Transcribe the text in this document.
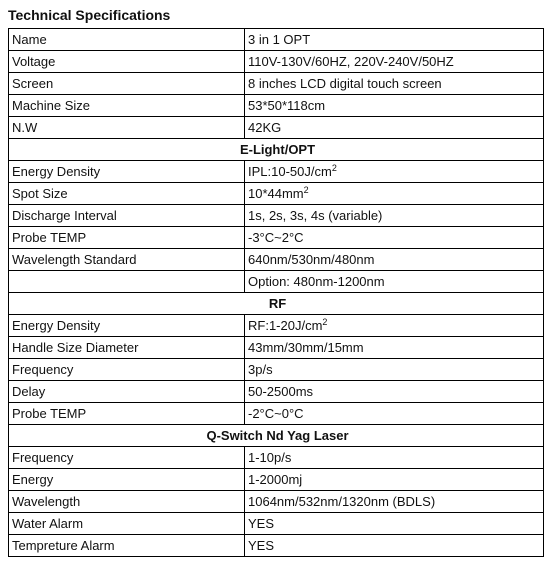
Technical Specifications
Name	3 in 1 OPT
Voltage	110V-130V/60HZ, 220V-240V/50HZ
Screen	8 inches LCD digital touch screen
Machine Size	53*50*118cm
N.W	42KG
E-Light/OPT	
Energy Density	$IPL:10-50J/cm^2$
Spot Size	$10*44mm^2$
Discharge Interval	1s, 2s, 3s, 4s (variable)
Probe TEMP	-3°C~2°C
Wavelength Standard	640nm/530nm/480nm
	Option: 480nm-1200nm
RF	
Energy Density	$RF:1-20J/cm^2$
Handle Size Diameter	43mm/30mm/15mm
Frequency	3p/s
Delay	50-2500ms
Probe TEMP	-2°C~0°C
Q-Switch Nd Yag Laser	
Frequency	1-10p/s
Energy	1-2000mj
Wavelength	1064nm/532nm/1320nm (BDLS)
Water Alarm	YES
Tempreture Alarm	YES
